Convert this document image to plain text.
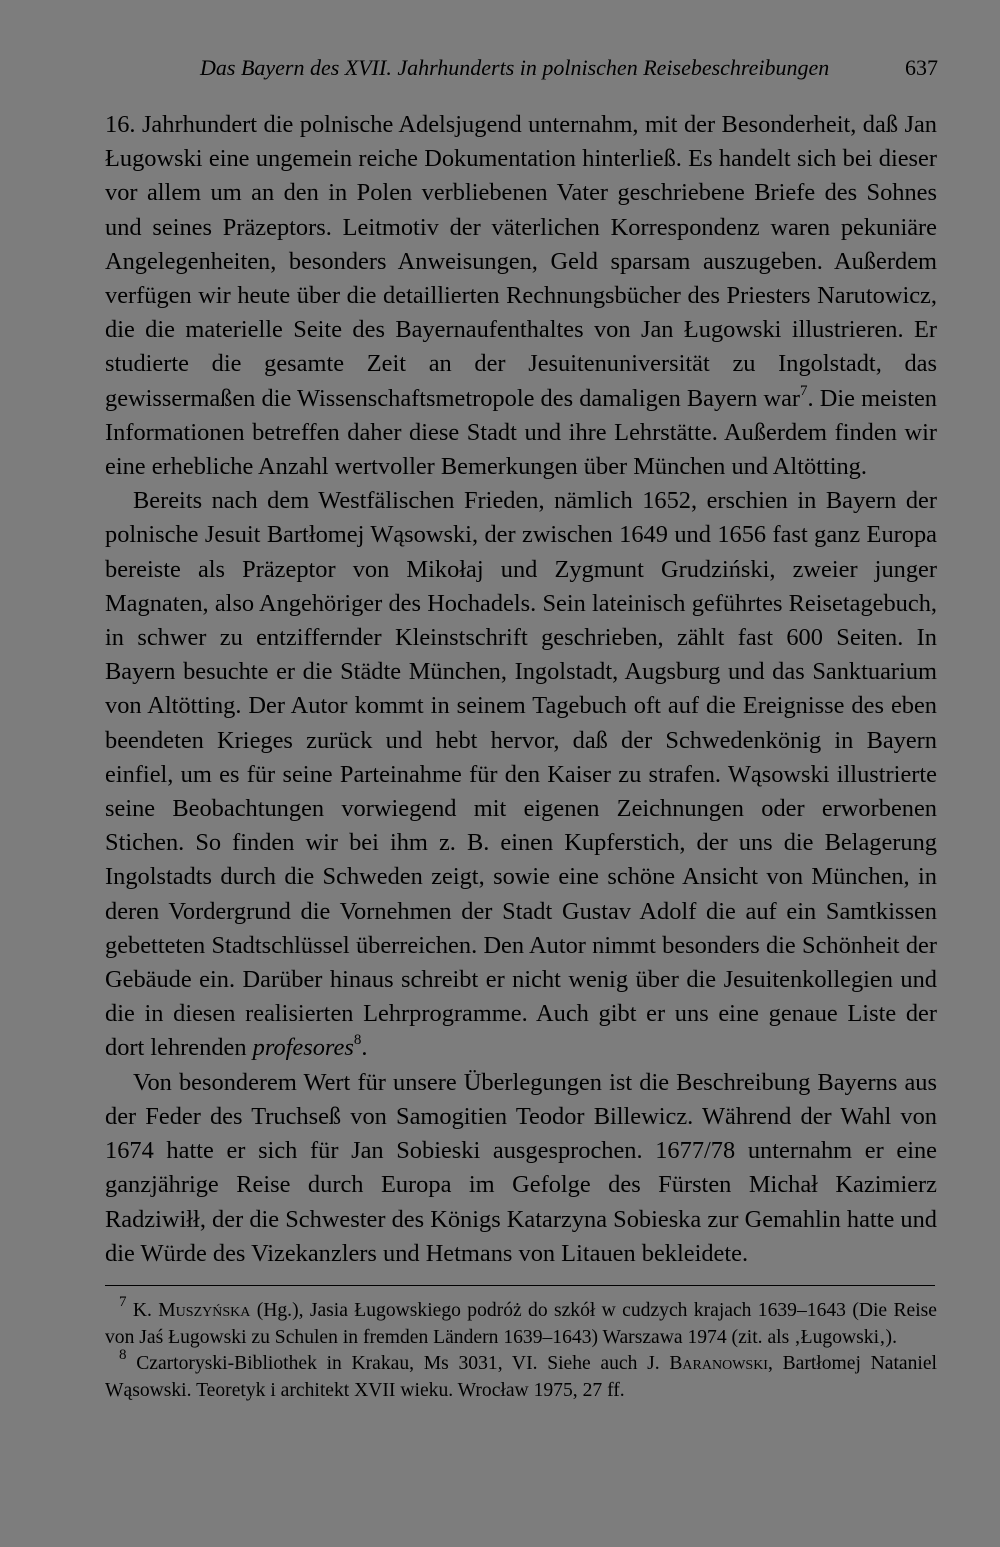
Das Bayern des XVII. Jahrhunderts in polnischen Reisebeschreibungen	637

16. Jahrhundert die polnische Adelsjugend unternahm, mit der Besonderheit, daß Jan Ługowski eine ungemein reiche Dokumentation hinterließ. Es handelt sich bei dieser vor allem um an den in Polen verbliebenen Vater geschriebene Briefe des Sohnes und seines Präzeptors. Leitmotiv der väterlichen Korrespondenz waren pekuniäre Angelegenheiten, besonders Anweisungen, Geld sparsam auszugeben. Außerdem verfügen wir heute über die detaillierten Rechnungsbücher des Priesters Narutowicz, die die materielle Seite des Bayernaufenthaltes von Jan Ługowski illustrieren. Er studierte die gesamte Zeit an der Jesuitenuniversität zu Ingolstadt, das gewissermaßen die Wissenschaftsmetropole des damaligen Bayern war$^7$. Die meisten Informationen betreffen daher diese Stadt und ihre Lehrstätte. Außerdem finden wir eine erhebliche Anzahl wertvoller Bemerkungen über München und Altötting.

Bereits nach dem Westfälischen Frieden, nämlich 1652, erschien in Bayern der polnische Jesuit Bartłomej Wąsowski, der zwischen 1649 und 1656 fast ganz Europa bereiste als Präzeptor von Mikołaj und Zygmunt Grudziński, zweier junger Magnaten, also Angehöriger des Hochadels. Sein lateinisch geführtes Reisetagebuch, in schwer zu entziffernder Kleinstschrift geschrieben, zählt fast 600 Seiten. In Bayern besuchte er die Städte München, Ingolstadt, Augsburg und das Sanktuarium von Altötting. Der Autor kommt in seinem Tagebuch oft auf die Ereignisse des eben beendeten Krieges zurück und hebt hervor, daß der Schwedenkönig in Bayern einfiel, um es für seine Parteinahme für den Kaiser zu strafen. Wąsowski illustrierte seine Beobachtungen vorwiegend mit eigenen Zeichnungen oder erworbenen Stichen. So finden wir bei ihm z. B. einen Kupferstich, der uns die Belagerung Ingolstadts durch die Schweden zeigt, sowie eine schöne Ansicht von München, in deren Vordergrund die Vornehmen der Stadt Gustav Adolf die auf ein Samtkissen gebetteten Stadtschlüssel überreichen. Den Autor nimmt besonders die Schönheit der Gebäude ein. Darüber hinaus schreibt er nicht wenig über die Jesuitenkollegien und die in diesen realisierten Lehrprogramme. Auch gibt er uns eine genaue Liste der dort lehrenden profesores$^8$.

Von besonderem Wert für unsere Überlegungen ist die Beschreibung Bayerns aus der Feder des Truchseß von Samogitien Teodor Billewicz. Während der Wahl von 1674 hatte er sich für Jan Sobieski ausgesprochen. 1677/78 unternahm er eine ganzjährige Reise durch Europa im Gefolge des Fürsten Michał Kazimierz Radziwiłł, der die Schwester des Königs Katarzyna Sobieska zur Gemahlin hatte und die Würde des Vizekanzlers und Hetmans von Litauen bekleidete.

$^7$ K. Muszyńska (Hg.), Jasia Ługowskiego podróż do szkół w cudzych krajach 1639–1643 (Die Reise von Jaś Ługowski zu Schulen in fremden Ländern 1639–1643) Warszawa 1974 (zit. als ‚Ługowski‚).

$^8$ Czartoryski-Bibliothek in Krakau, Ms 3031, VI. Siehe auch J. Baranowski, Bartłomej Nataniel Wąsowski. Teoretyk i architekt XVII wieku. Wrocław 1975, 27 ff.
